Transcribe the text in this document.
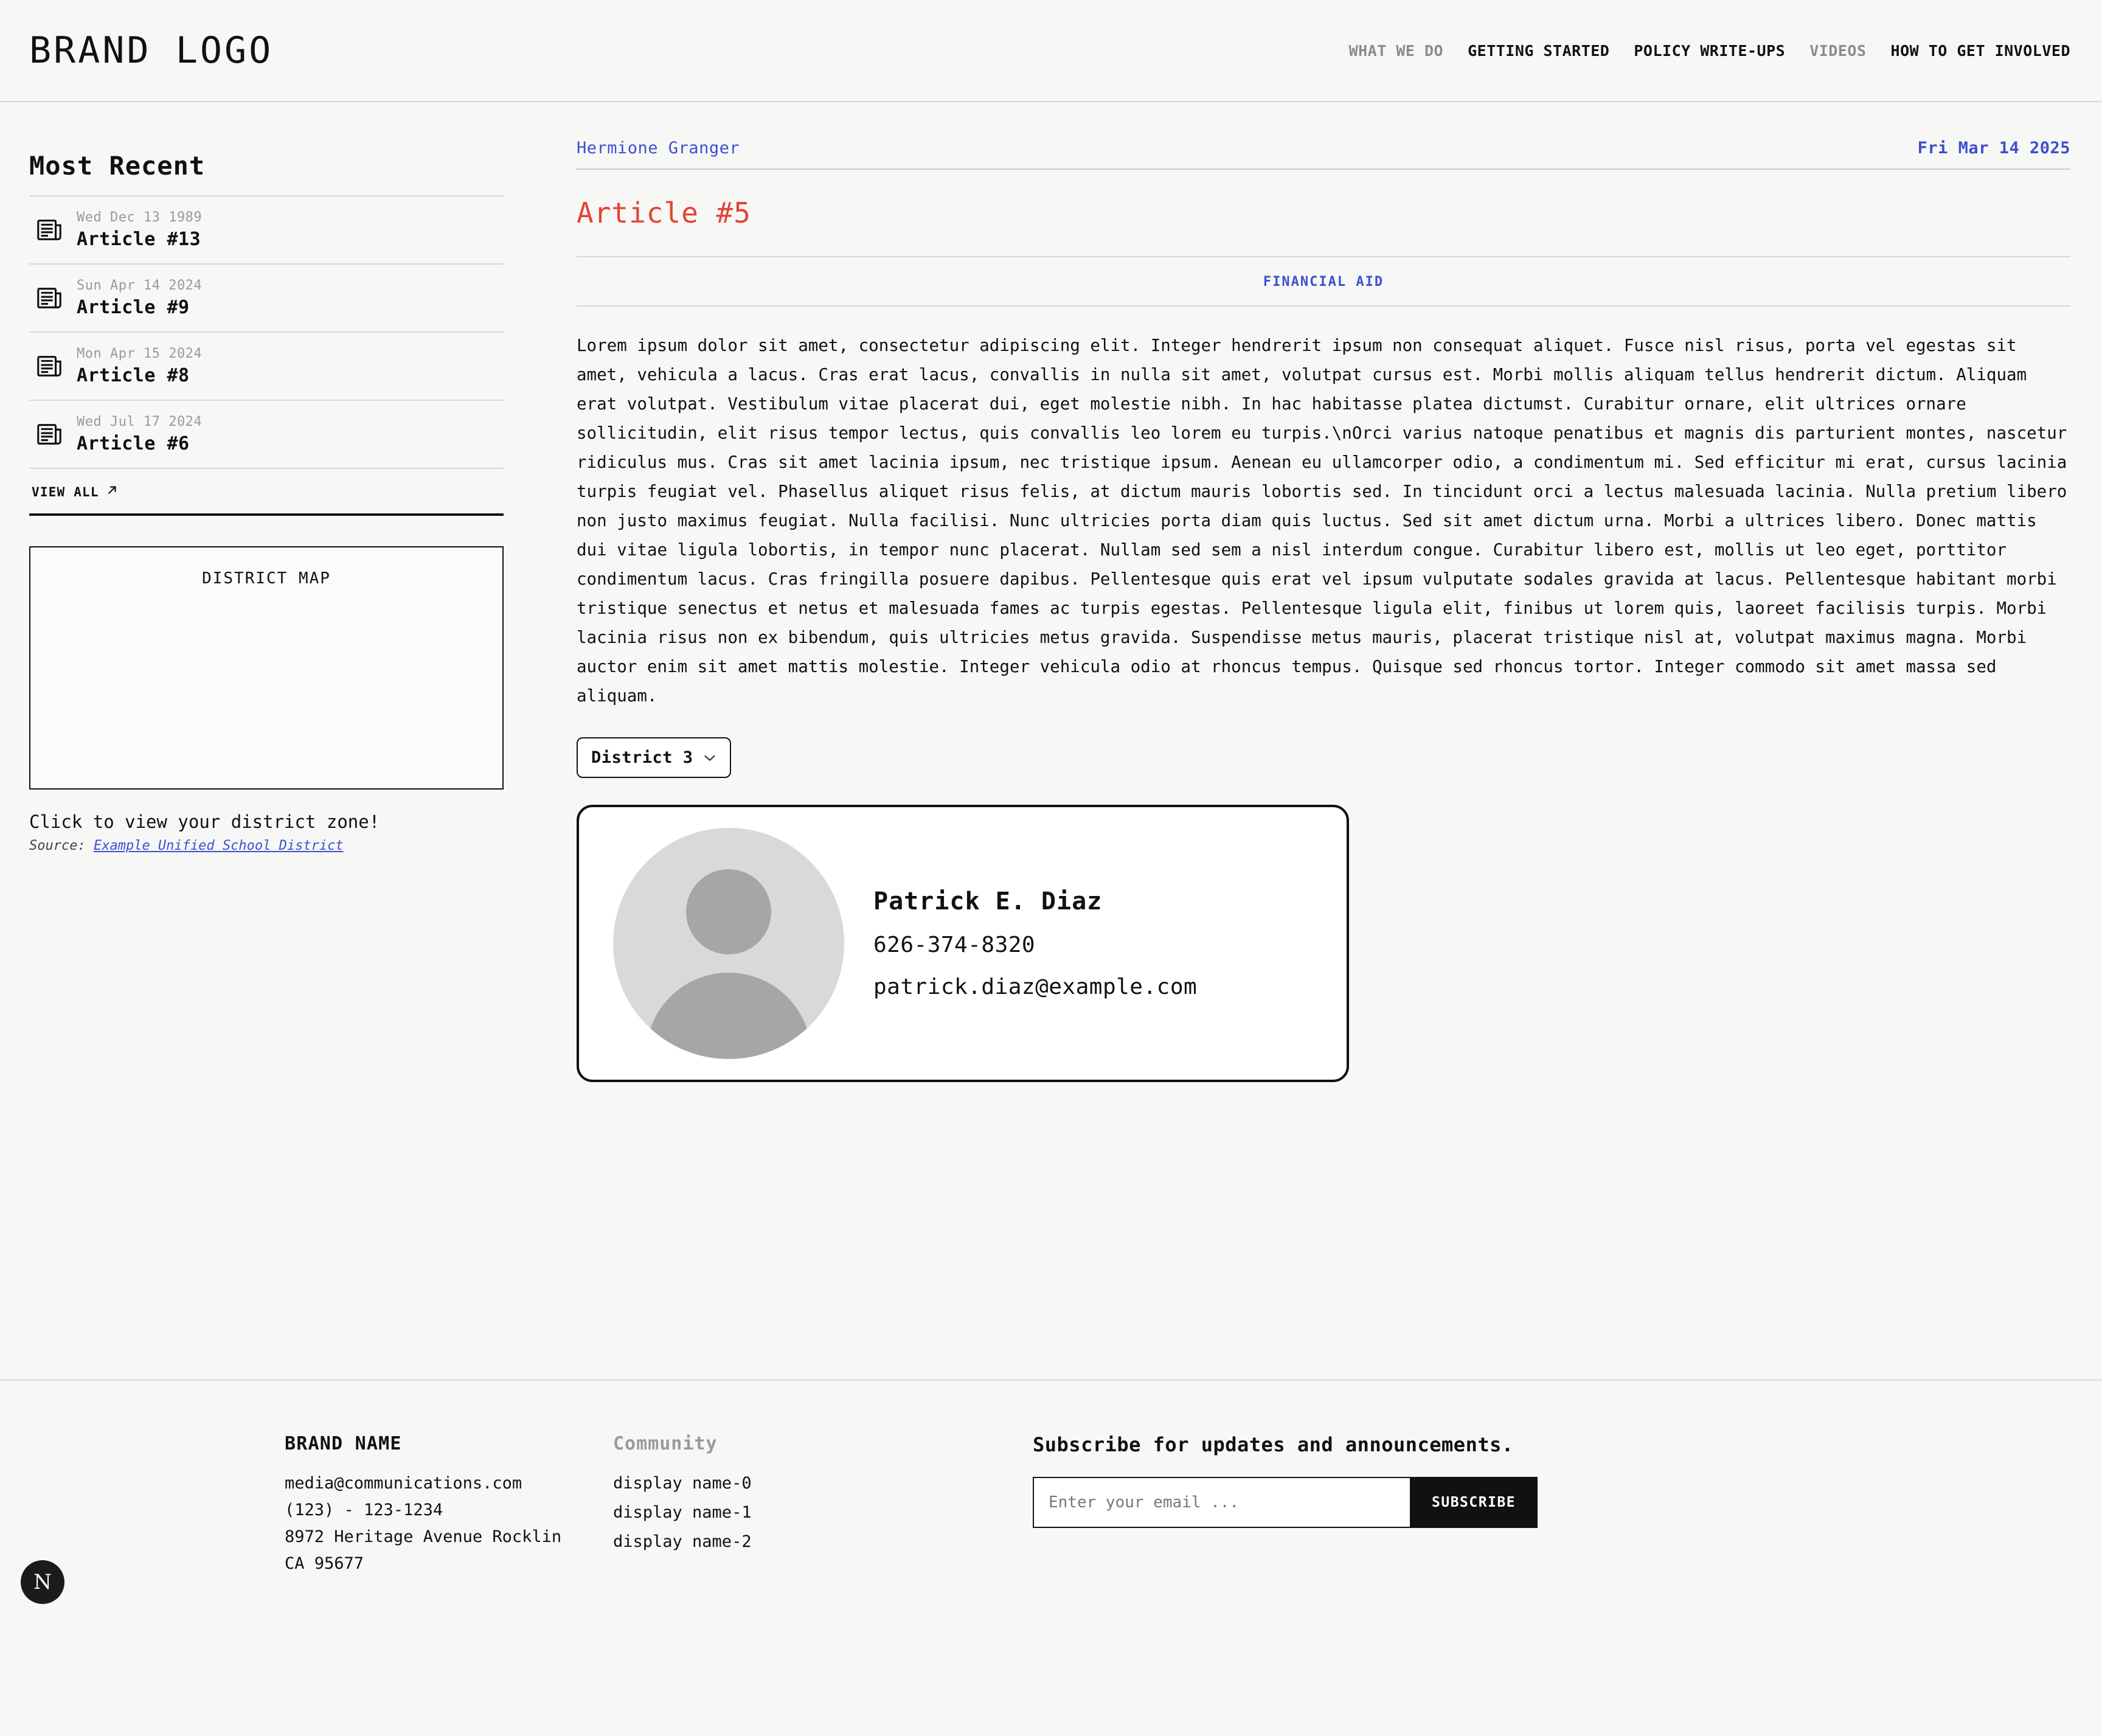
BRAND LOGO	WHAT WE DO GETTING STARTED POLICY WRITE-UPS VIDEOS HOW TO GET INVOLVED
Most Recent
Wed Dec 13 1989
Article #13
Sun Apr 14 2024
Article #9
Mon Apr 15 2024
Article #8
Wed Jul 17 2024
Article #6
VIEW ALL
DISTRICT MAP
Click to view your district zone!
Source: Example Unified School District
Hermione Granger	Fri Mar 14 2025
Article #5
FINANCIAL AID

Lorem ipsum dolor sit amet, consectetur adipiscing elit. Integer hendrerit ipsum non consequat aliquet. Fusce nisl risus, porta vel egestas sit amet, vehicula a lacus. Cras erat lacus, convallis in nulla sit amet, volutpat cursus est. Morbi mollis aliquam tellus hendrerit dictum. Aliquam erat volutpat. Vestibulum vitae placerat dui, eget molestie nibh. In hac habitasse platea dictumst. Curabitur ornare, elit ultrices ornare sollicitudin, elit risus tempor lectus, quis convallis leo lorem eu turpis.\nOrci varius natoque penatibus et magnis dis parturient montes, nascetur ridiculus mus. Cras sit amet lacinia ipsum, nec tristique ipsum. Aenean eu ullamcorper odio, a condimentum mi. Sed efficitur mi erat, cursus lacinia turpis feugiat vel. Phasellus aliquet risus felis, at dictum mauris lobortis sed. In tincidunt orci a lectus malesuada lacinia. Nulla pretium libero non justo maximus feugiat. Nulla facilisi. Nunc ultricies porta diam quis luctus. Sed sit amet dictum urna. Morbi a ultrices libero. Donec mattis dui vitae ligula lobortis, in tempor nunc placerat. Nullam sed sem a nisl interdum congue. Curabitur libero est, mollis ut leo eget, porttitor condimentum lacus. Cras fringilla posuere dapibus. Pellentesque quis erat vel ipsum vulputate sodales gravida at lacus. Pellentesque habitant morbi tristique senectus et netus et malesuada fames ac turpis egestas. Pellentesque ligula elit, finibus ut lorem quis, laoreet facilisis turpis. Morbi lacinia risus non ex bibendum, quis ultricies metus gravida. Suspendisse metus mauris, placerat tristique nisl at, volutpat maximus magna. Morbi auctor enim sit amet mattis molestie. Integer vehicula odio at rhoncus tempus. Quisque sed rhoncus tortor. Integer commodo sit amet massa sed aliquam.

District 3
Patrick E. Diaz
626-374-8320
patrick.diaz@example.com
BRAND NAME
media@communications.com
(123) - 123-1234
8972 Heritage Avenue Rocklin
CA 95677
Community
display name-0
display name-1
display name-2
Subscribe for updates and announcements.
Enter your email ...
SUBSCRIBE
N
